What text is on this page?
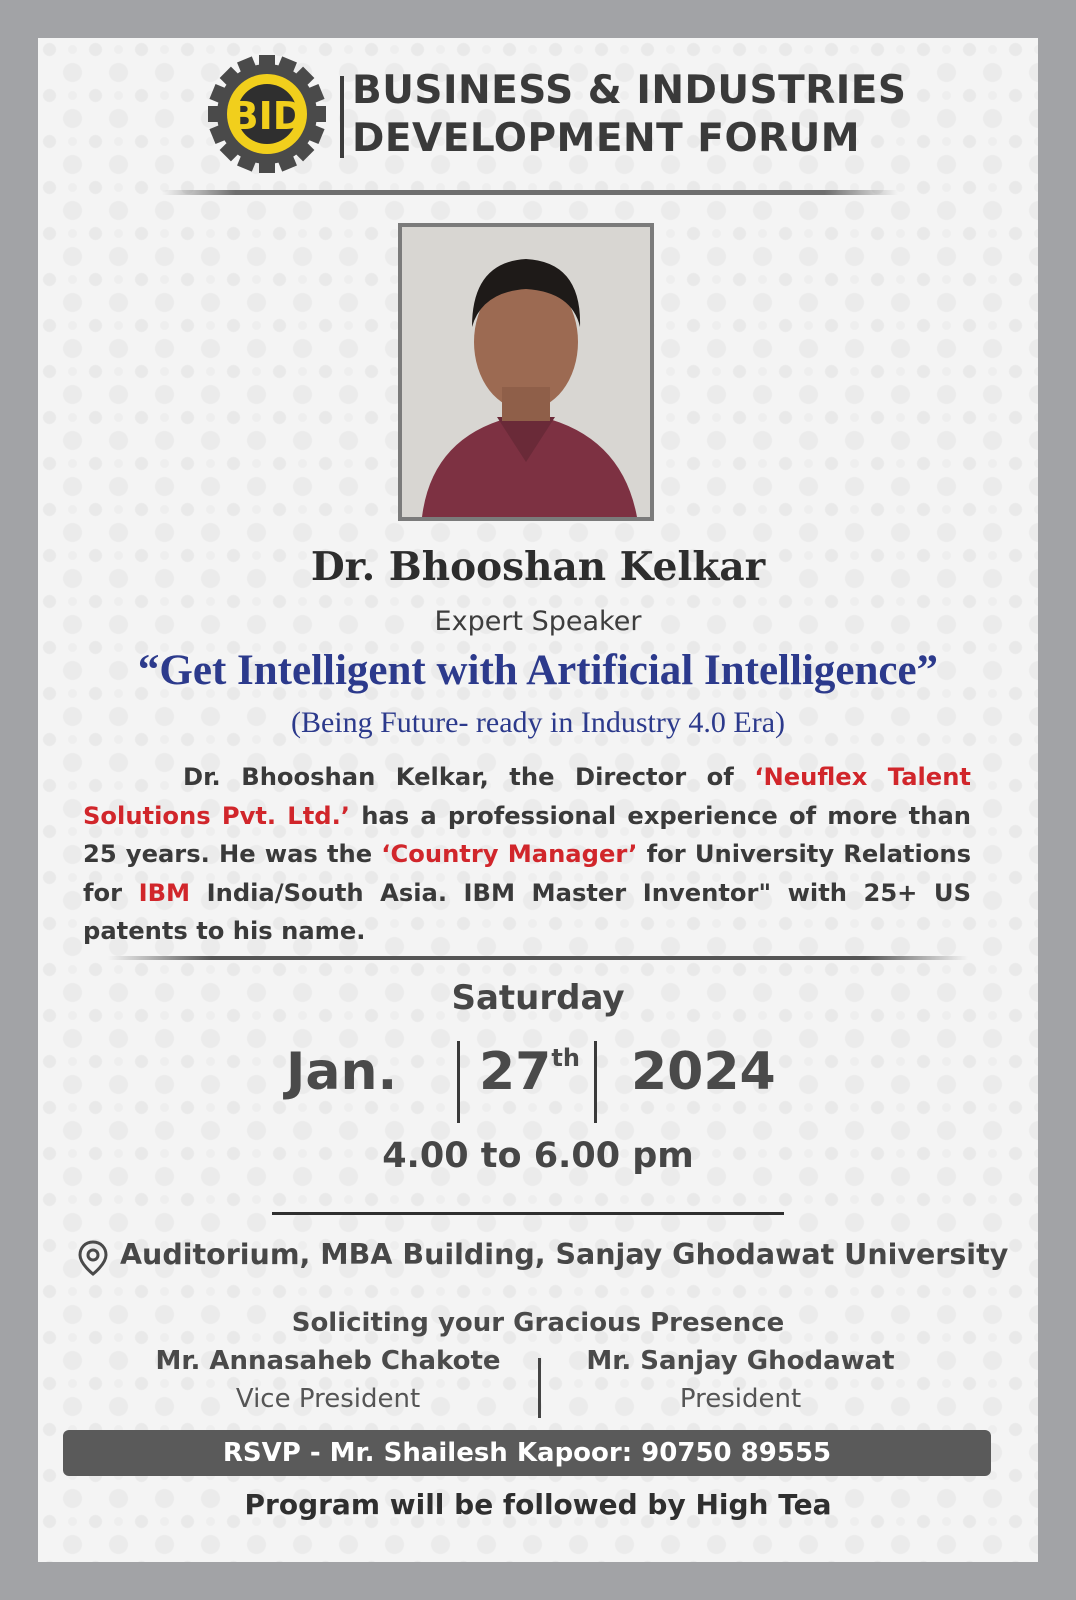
BID
BUSINESS & INDUSTRIES
DEVELOPMENT FORUM
Dr. Bhooshan Kelkar
Expert Speaker
“Get Intelligent with Artificial Intelligence”
(Being Future- ready in Industry 4.0 Era)
Dr. Bhooshan Kelkar, the Director of ‘Neuflex Talent Solutions Pvt. Ltd.’ has a professional experience of more than 25 years. He was the ‘Country Manager’ for University Relations for IBM India/South Asia. IBM Master Inventor" with 25+ US patents to his name.
Saturday
Jan. 27th 2024
4.00 to 6.00 pm
Auditorium, MBA Building, Sanjay Ghodawat University
Soliciting your Gracious Presence
Mr. Annasaheb Chakote
Vice President
Mr. Sanjay Ghodawat
President
RSVP - Mr. Shailesh Kapoor: 90750 89555
Program will be followed by High Tea
